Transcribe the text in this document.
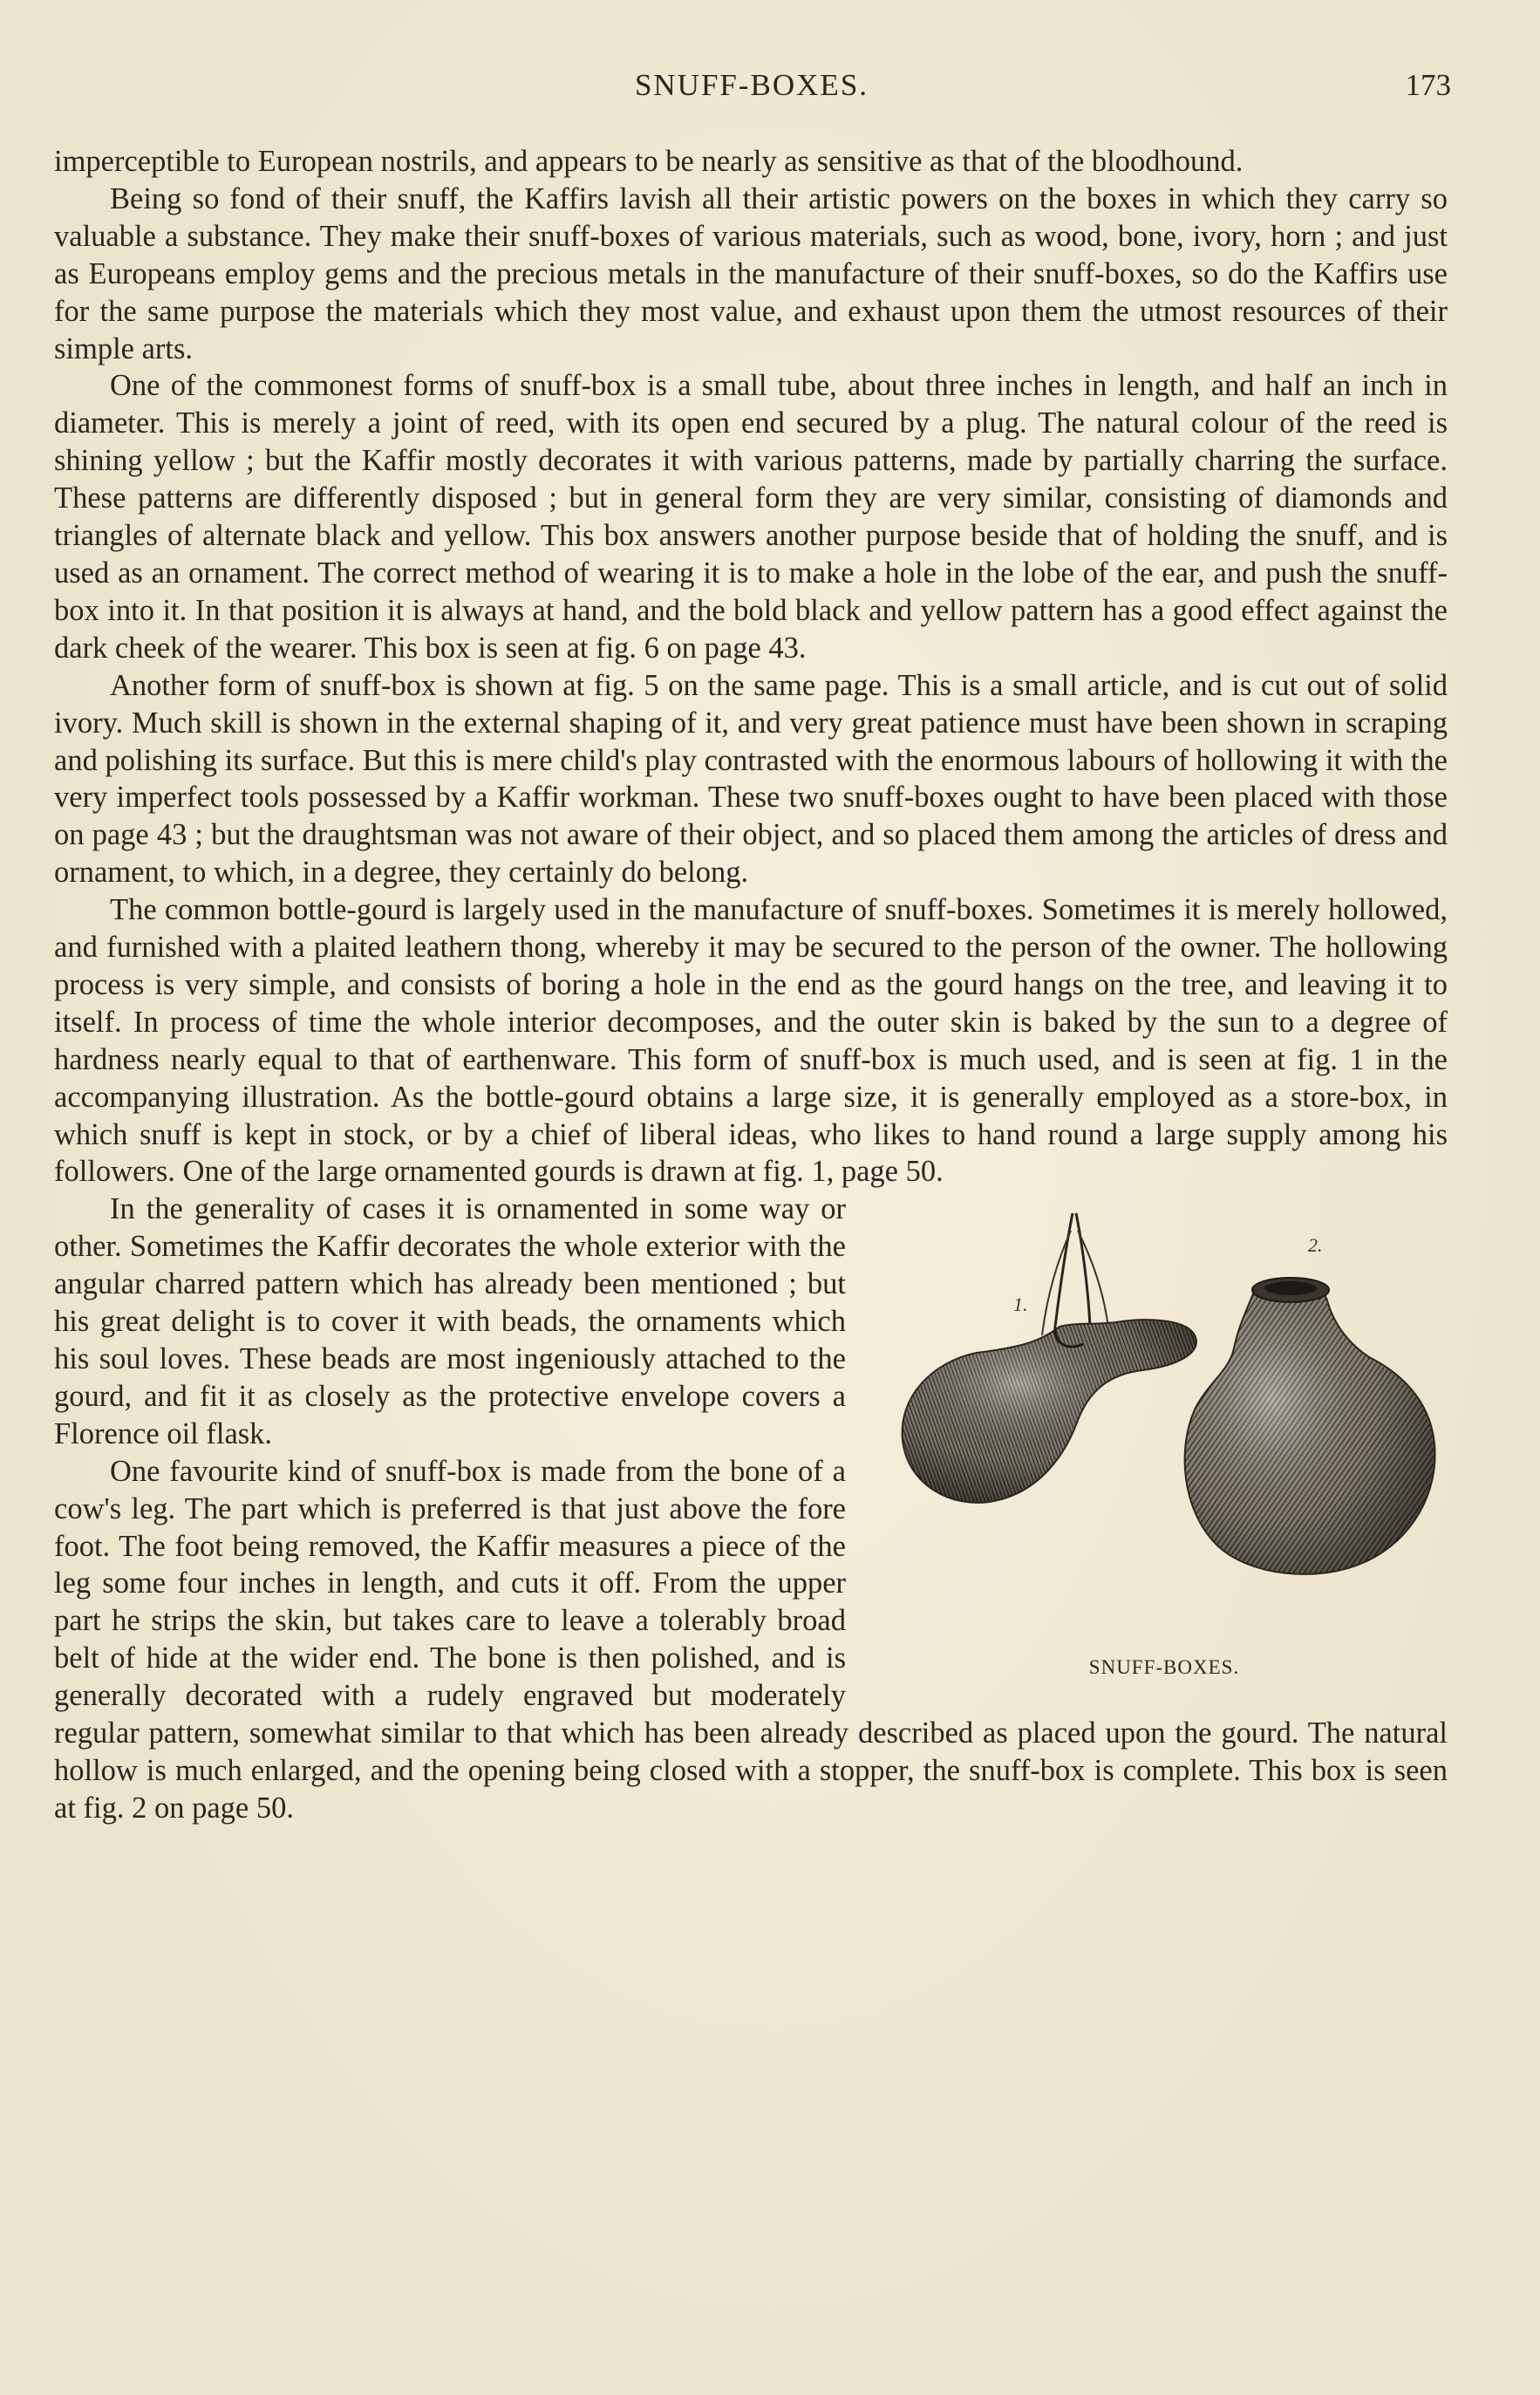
SNUFF-BOXES.	173

imperceptible to European nostrils, and appears to be nearly as sensitive as that of the bloodhound.

Being so fond of their snuff, the Kaffirs lavish all their artistic powers on the boxes in which they carry so valuable a substance. They make their snuff-boxes of various materials, such as wood, bone, ivory, horn ; and just as Europeans employ gems and the precious metals in the manufacture of their snuff-boxes, so do the Kaffirs use for the same purpose the materials which they most value, and exhaust upon them the utmost resources of their simple arts.

One of the commonest forms of snuff-box is a small tube, about three inches in length, and half an inch in diameter. This is merely a joint of reed, with its open end secured by a plug. The natural colour of the reed is shining yellow ; but the Kaffir mostly decorates it with various patterns, made by partially charring the surface. These patterns are differently disposed ; but in general form they are very similar, consisting of diamonds and triangles of alternate black and yellow. This box answers another purpose beside that of holding the snuff, and is used as an ornament. The correct method of wearing it is to make a hole in the lobe of the ear, and push the snuff-box into it. In that position it is always at hand, and the bold black and yellow pattern has a good effect against the dark cheek of the wearer. This box is seen at fig. 6 on page 43.

Another form of snuff-box is shown at fig. 5 on the same page. This is a small article, and is cut out of solid ivory. Much skill is shown in the external shaping of it, and very great patience must have been shown in scraping and polishing its surface. But this is mere child's play contrasted with the enormous labours of hollowing it with the very imperfect tools possessed by a Kaffir workman. These two snuff-boxes ought to have been placed with those on page 43 ; but the draughtsman was not aware of their object, and so placed them among the articles of dress and ornament, to which, in a degree, they certainly do belong.

The common bottle-gourd is largely used in the manufacture of snuff-boxes. Sometimes it is merely hollowed, and furnished with a plaited leathern thong, whereby it may be secured to the person of the owner. The hollowing process is very simple, and consists of boring a hole in the end as the gourd hangs on the tree, and leaving it to itself. In process of time the whole interior decomposes, and the outer skin is baked by the sun to a degree of hardness nearly equal to that of earthenware. This form of snuff-box is much used, and is seen at fig. 1 in the accompanying illustration. As the bottle-gourd obtains a large size, it is generally employed as a store-box, in which snuff is kept in stock, or by a chief of liberal ideas, who likes to hand round a large supply among his followers. One of the large ornamented gourds is drawn at fig. 1, page 50.

1.
2.
SNUFF-BOXES.

In the generality of cases it is ornamented in some way or other. Sometimes the Kaffir decorates the whole exterior with the angular charred pattern which has already been mentioned ; but his great delight is to cover it with beads, the ornaments which his soul loves. These beads are most ingeniously attached to the gourd, and fit it as closely as the protective envelope covers a Florence oil flask.

One favourite kind of snuff-box is made from the bone of a cow's leg. The part which is preferred is that just above the fore foot. The foot being removed, the Kaffir measures a piece of the leg some four inches in length, and cuts it off. From the upper part he strips the skin, but takes care to leave a tolerably broad belt of hide at the wider end. The bone is then polished, and is generally decorated with a rudely engraved but moderately regular pattern, somewhat similar to that which has been already described as placed upon the gourd. The natural hollow is much enlarged, and the opening being closed with a stopper, the snuff-box is complete. This box is seen at fig. 2 on page 50.
